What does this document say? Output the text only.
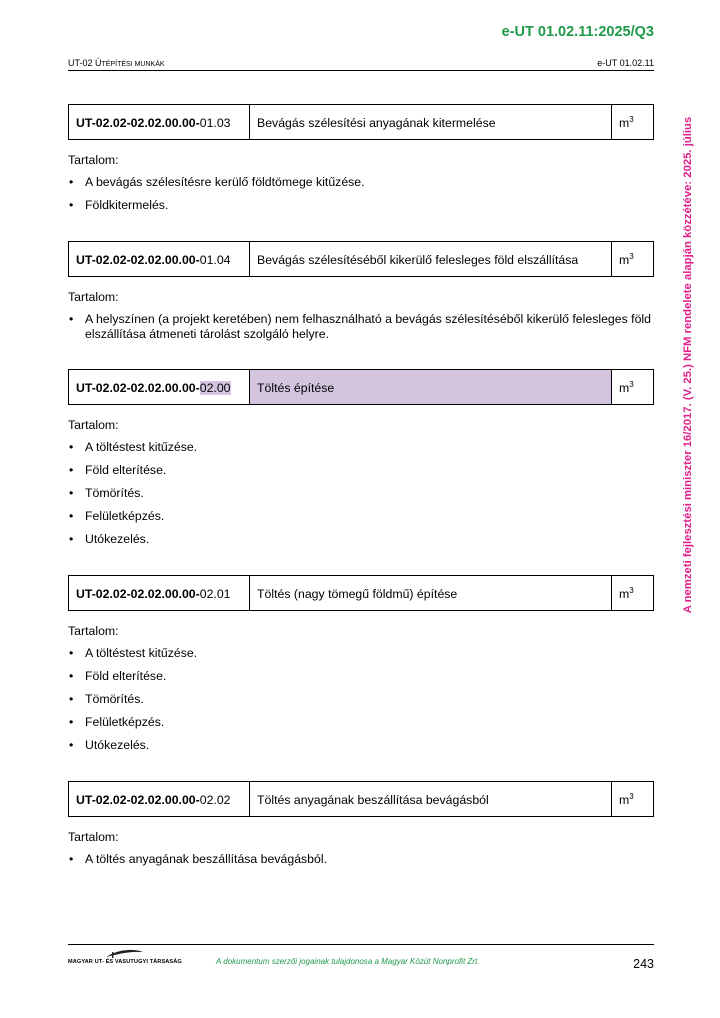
e-UT 01.02.11:2025/Q3
UT-02 ÚTÉPÍTÉSI MUNKÁK	e-UT 01.02.11
A nemzeti fejlesztési miniszter 16/2017. (V. 25.) NFM rendelete alapján közzétéve: 2025. július
UT-02.02-02.02.00.00-01.03	Bevágás szélesítési anyagának kitermelése	$m^3$
Tartalom:
• A bevágás szélesítésre kerülő földtömege kitűzése.
• Földkitermelés.
UT-02.02-02.02.00.00-01.04	Bevágás szélesítéséből kikerülő felesleges föld elszállítása	$m^3$
Tartalom:
• A helyszínen (a projekt keretében) nem felhasználható a bevágás szélesítéséből kikerülő felesleges föld elszállítása átmeneti tárolást szolgáló helyre.
UT-02.02-02.02.00.00-02.00	Töltés építése	$m^3$
Tartalom:
• A töltéstest kitűzése.
• Föld elterítése.
• Tömörítés.
• Felületképzés.
• Utókezelés.
UT-02.02-02.02.00.00-02.01	Töltés (nagy tömegű földmű) építése	$m^3$
Tartalom:
• A töltéstest kitűzése.
• Föld elterítése.
• Tömörítés.
• Felületképzés.
• Utókezelés.
UT-02.02-02.02.00.00-02.02	Töltés anyagának beszállítása bevágásból	$m^3$
Tartalom:
• A töltés anyagának beszállítása bevágásból.
MAGYAR UT- ÉS VASUTUGYI TÁRSASÁG	A dokumentum szerzői jogainak tulajdonosa a Magyar Közút Nonprofit Zrt.	243
